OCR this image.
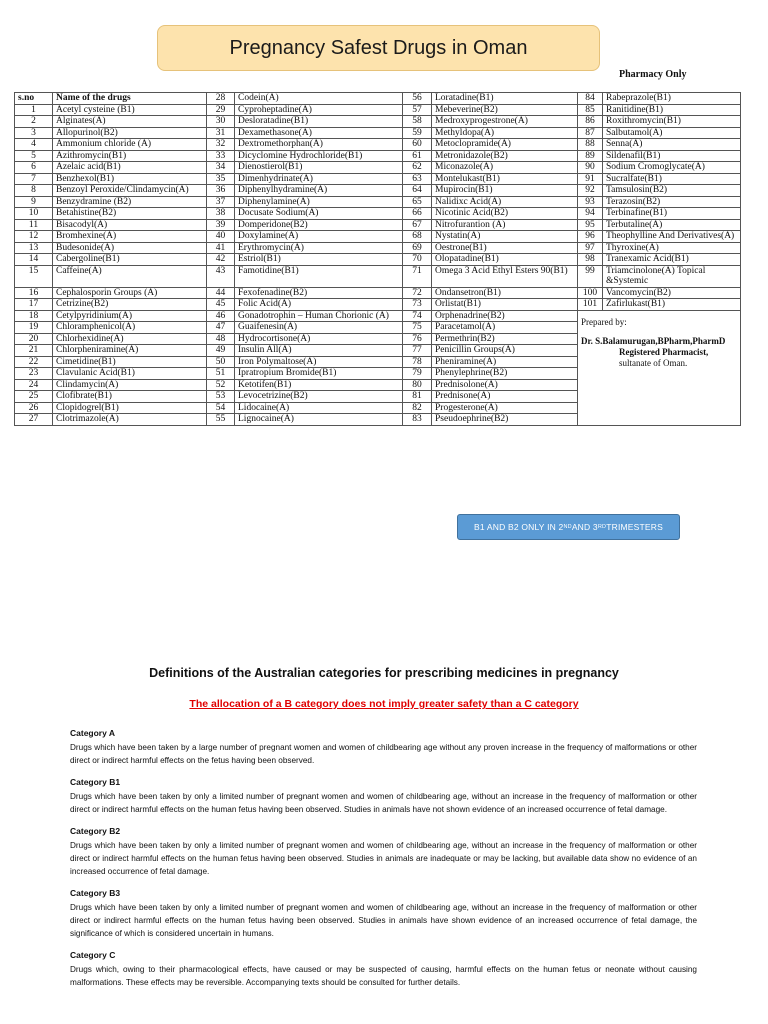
Pregnancy Safest Drugs in Oman
Pharmacy Only
s.no	Name of the drugs	28	Codein(A)	56	Loratadine(B1)	84	Rabeprazole(B1)
1	Acetyl cysteine (B1)	29	Cyproheptadine(A)	57	Mebeverine(B2)	85	Ranitidine(B1)
2	Alginates(A)	30	Desloratadine(B1)	58	Medroxyprogestrone(A)	86	Roxithromycin(B1)
3	Allopurinol(B2)	31	Dexamethasone(A)	59	Methyldopa(A)	87	Salbutamol(A)
4	Ammonium chloride (A)	32	Dextromethorphan(A)	60	Metoclopramide(A)	88	Senna(A)
5	Azithromycin(B1)	33	Dicyclomine Hydrochloride(B1)	61	Metronidazole(B2)	89	Sildenafil(B1)
6	Azelaic acid(B1)	34	Dienostierol(B1)	62	Miconazole(A)	90	Sodium Cromoglycate(A)
7	Benzhexol(B1)	35	Dimenhydrinate(A)	63	Montelukast(B1)	91	Sucralfate(B1)
8	Benzoyl Peroxide/Clindamycin(A)	36	Diphenylhydramine(A)	64	Mupirocin(B1)	92	Tamsulosin(B2)
9	Benzydramine (B2)	37	Diphenylamine(A)	65	Nalidixc Acid(A)	93	Terazosin(B2)
10	Betahistine(B2)	38	Docusate Sodium(A)	66	Nicotinic Acid(B2)	94	Terbinafine(B1)
11	Bisacodyl(A)	39	Domperidone(B2)	67	Nitrofurantion (A)	95	Terbutaline(A)
12	Bromhexine(A)	40	Doxylamine(A)	68	Nystatin(A)	96	Theophylline And Derivatives(A)
13	Budesonide(A)	41	Erythromycin(A)	69	Oestrone(B1)	97	Thyroxine(A)
14	Cabergoline(B1)	42	Estriol(B1)	70	Olopatadine(B1)	98	Tranexamic Acid(B1)
15	Caffeine(A)	43	Famotidine(B1)	71	Omega 3 Acid Ethyl Esters 90(B1)	99	Triamcinolone(A) Topical &Systemic
16	Cephalosporin Groups (A)	44	Fexofenadine(B2)	72	Ondansetron(B1)	100	Vancomycin(B2)
17	Cetrizine(B2)	45	Folic Acid(A)	73	Orlistat(B1)	101	Zafirlukast(B1)
18	Cetylpyridinium(A)	46	Gonadotrophin – Human Chorionic (A)	74	Orphenadrine(B2)	Prepared by:
Dr. S.Balamurugan,BPharm,PharmD
Registered Pharmacist,
sultanate of Oman.	

19	Chloramphenicol(A)	47	Guaifenesin(A)	75	Paracetamol(A)		
20	Chlorhexidine(A)	48	Hydrocortisone(A)	76	Permethrin(B2)		
21	Chlorpheniramine(A)	49	Insulin All(A)	77	Penicillin Groups(A)		
22	Cimetidine(B1)	50	Iron Polymaltose(A)	78	Pheniramine(A)		
23	Clavulanic Acid(B1)	51	Ipratropium Bromide(B1)	79	Phenylephrine(B2)		
24	Clindamycin(A)	52	Ketotifen(B1)	80	Prednisolone(A)		
25	Clofibrate(B1)	53	Levocetrizine(B2)	81	Prednisone(A)		
26	Clopidogrel(B1)	54	Lidocaine(A)	82	Progesterone(A)		
27	Clotrimazole(A)	55	Lignocaine(A)	83	Pseudoephrine(B2)		
B1 AND B2 ONLY IN 2 ND AND 3 RD TRIMESTERS
Definitions of the Australian categories for prescribing medicines in pregnancy
The allocation of a B category does not imply greater safety than a C category
Category A
Drugs which have been taken by a large number of pregnant women and women of childbearing age without any proven increase in the frequency of malformations or other direct or indirect harmful effects on the fetus having been observed.
Category B1
Drugs which have been taken by only a limited number of pregnant women and women of childbearing age, without an increase in the frequency of malformation or other direct or indirect harmful effects on the human fetus having been observed. Studies in animals have not shown evidence of an increased occurrence of fetal damage.
Category B2
Drugs which have been taken by only a limited number of pregnant women and women of childbearing age, without an increase in the frequency of malformation or other direct or indirect harmful effects on the human fetus having been observed. Studies in animals are inadequate or may be lacking, but available data show no evidence of an increased occurrence of fetal damage.
Category B3
Drugs which have been taken by only a limited number of pregnant women and women of childbearing age, without an increase in the frequency of malformation or other direct or indirect harmful effects on the human fetus having been observed. Studies in animals have shown evidence of an increased occurrence of fetal damage, the significance of which is considered uncertain in humans.
Category C
Drugs which, owing to their pharmacological effects, have caused or may be suspected of causing, harmful effects on the human fetus or neonate without causing malformations. These effects may be reversible. Accompanying texts should be consulted for further details.
